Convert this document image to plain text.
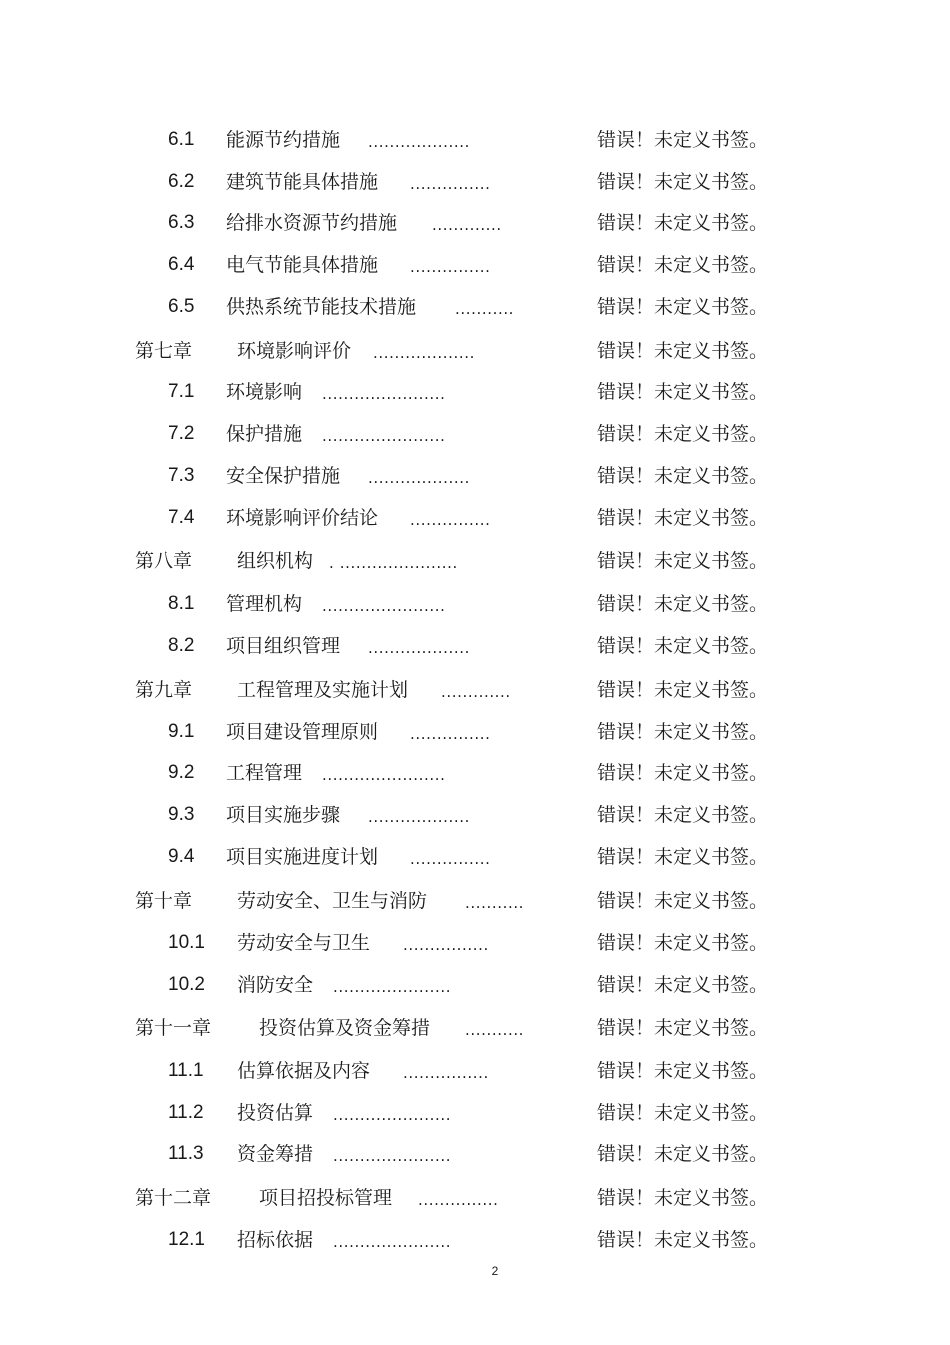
6.1 能源节约措施 ...................	错误！未定义书签。
6.2 建筑节能具体措施 ...............	错误！未定义书签。
6.3 给排水资源节约措施 .............	错误！未定义书签。
6.4 电气节能具体措施 ...............	错误！未定义书签。
6.5 供热系统节能技术措施	...........	错误！未定义书签。
第七章 环境影响评价 ...................	错误！未定义书签。
7.1 环境影响 .......................	错误！未定义书签。
7.2 保护措施 .......................	错误！未定义书签。
7.3 安全保护措施 ...................	错误！未定义书签。
7.4 环境影响评价结论 ...............	错误！未定义书签。
第八章 组织机构 . ......................	错误！未定义书签。
8.1 管理机构 .......................	错误！未定义书签。
8.2 项目组织管理 ...................	错误！未定义书签。
第九章 工程管理及实施计划 .............	错误！未定义书签。
9.1 项目建设管理原则 ...............	错误！未定义书签。
9.2 工程管理 .......................	错误！未定义书签。
9.3 项目实施步骤 ...................	错误！未定义书签。
9.4 项目实施进度计划 ...............	错误！未定义书签。
第十章 劳动安全、卫生与消防	...........	错误！未定义书签。
10.1 劳动安全与卫生 ................	错误！未定义书签。
10.2 消防安全 ......................	错误！未定义书签。
第十一章	投资估算及资金筹措 ...........	错误！未定义书签。
11.1 估算依据及内容 ................	错误！未定义书签。
11.2 投资估算 ......................	错误！未定义书签。
11.3 资金筹措 ......................	错误！未定义书签。
第十二章	项目招投标管理 ...............	错误！未定义书签。
12.1 招标依据 ......................	错误！未定义书签。
2
